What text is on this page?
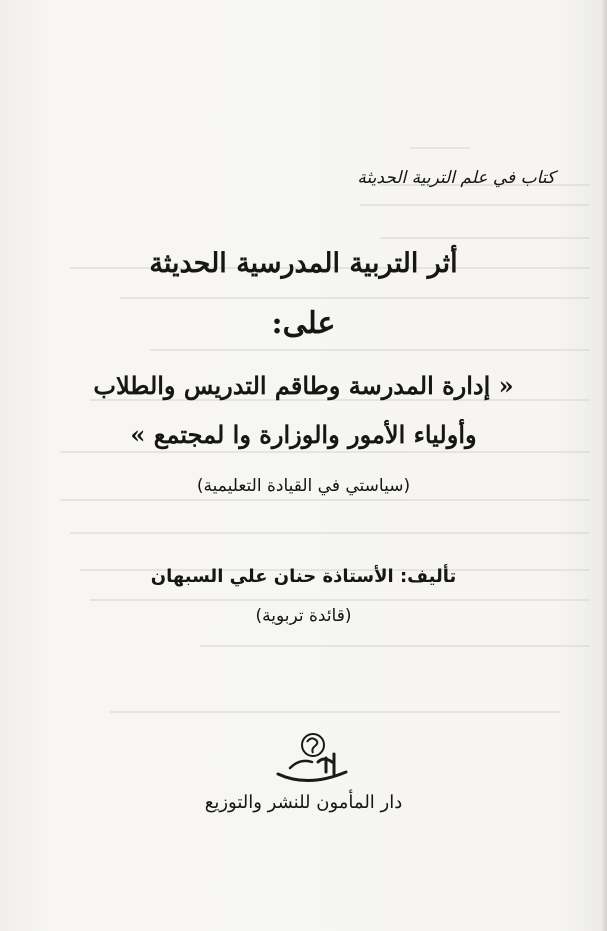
كتاب في علم التربية الحديثة
أثر التربية المدرسية الحديثة
على:
« إدارة المدرسة وطاقم التدريس والطلاب
وأولياء الأمور والوزارة وا لمجتمع »
(سياستي في القيادة التعليمية)
تأليف: الأستاذة حنان علي السبهان
(قائدة تربوية)
دار المأمون للنشر والتوزيع
